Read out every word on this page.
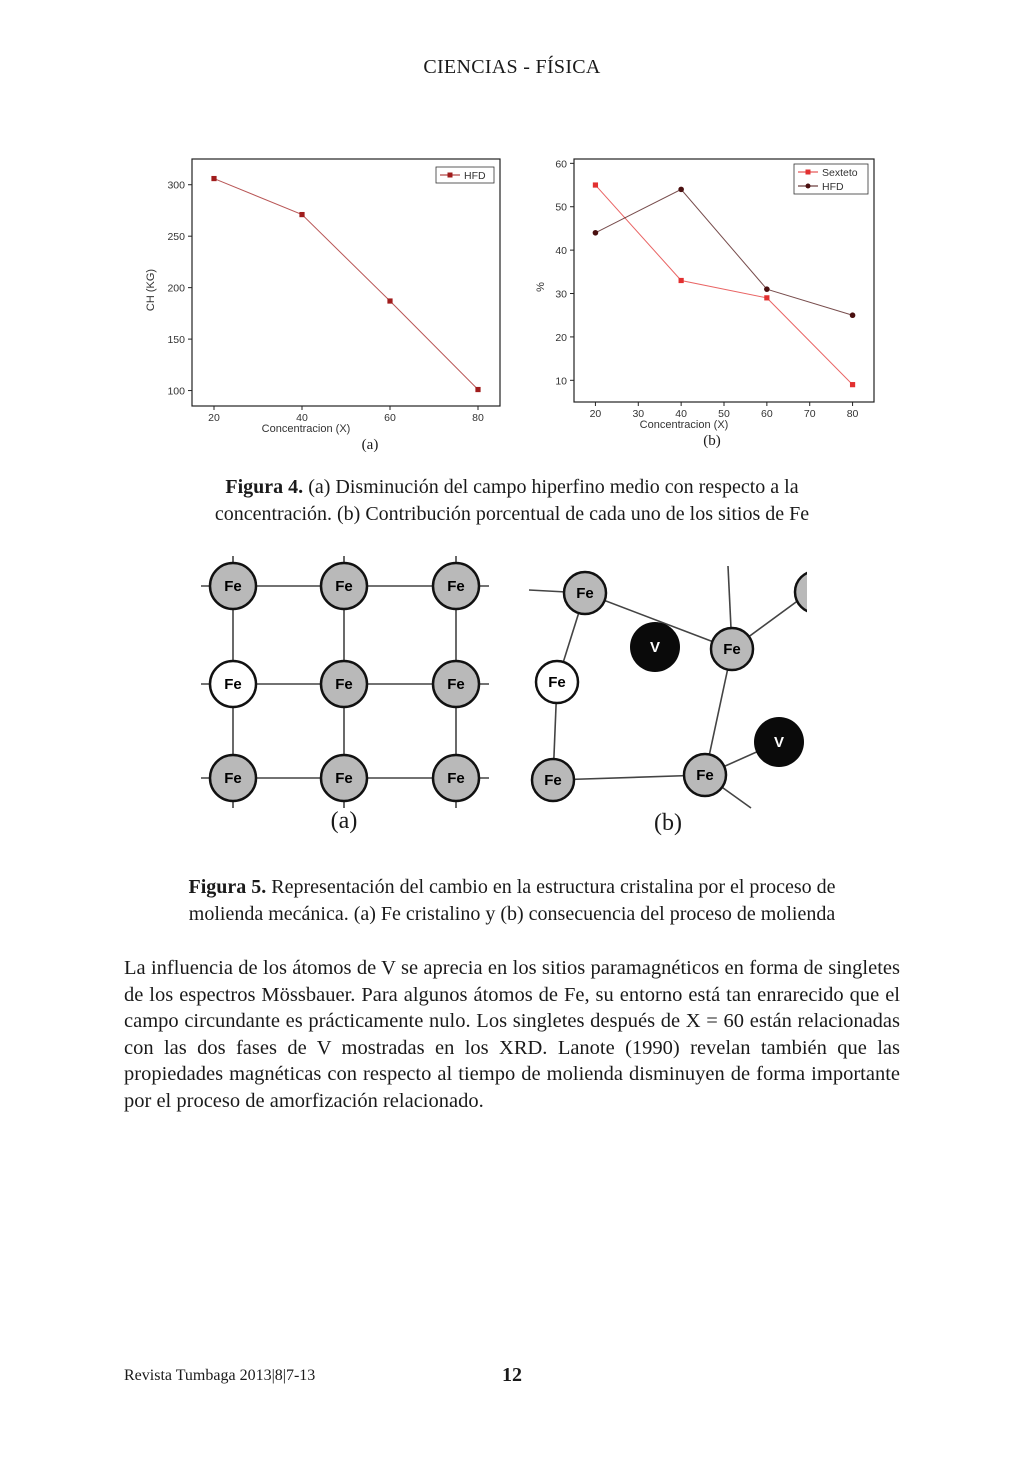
CIENCIAS - FÍSICA
20	40	60	80
100
150
200
250
300
Concentracion (X)
CH (KG)
HFD
(a)
20	30	40	50	60	70	80
10
20
30
40
50
60
Concentracion (X)
%
Sexteto
HFD
(b)
Figura 4. (a) Disminución del campo hiperfino medio con respecto a la
concentración. (b) Contribución porcentual de cada uno de los sitios de Fe
Fe	Fe	Fe
Fe	Fe	Fe
Fe	Fe	Fe
(a)
Fe
V	Fe
Fe
V
Fe	Fe
(b)
Figura 5. Representación del cambio en la estructura cristalina por el proceso de
molienda mecánica. (a) Fe cristalino y (b) consecuencia del proceso de molienda
La influencia de los átomos de V se aprecia en los sitios paramagnéticos en forma de singletes de los espectros Mössbauer. Para algunos átomos de Fe, su entorno está tan enrarecido que el campo circundante es prácticamente nulo. Los singletes después de X = 60 están relacionadas con las dos fases de V mostradas en los XRD. Lanote (1990) revelan también que las propiedades magnéticas con respecto al tiempo de molienda disminuyen de forma importante por el proceso de amorfización relacionado.
Revista Tumbaga 2013|8|7-13	12
